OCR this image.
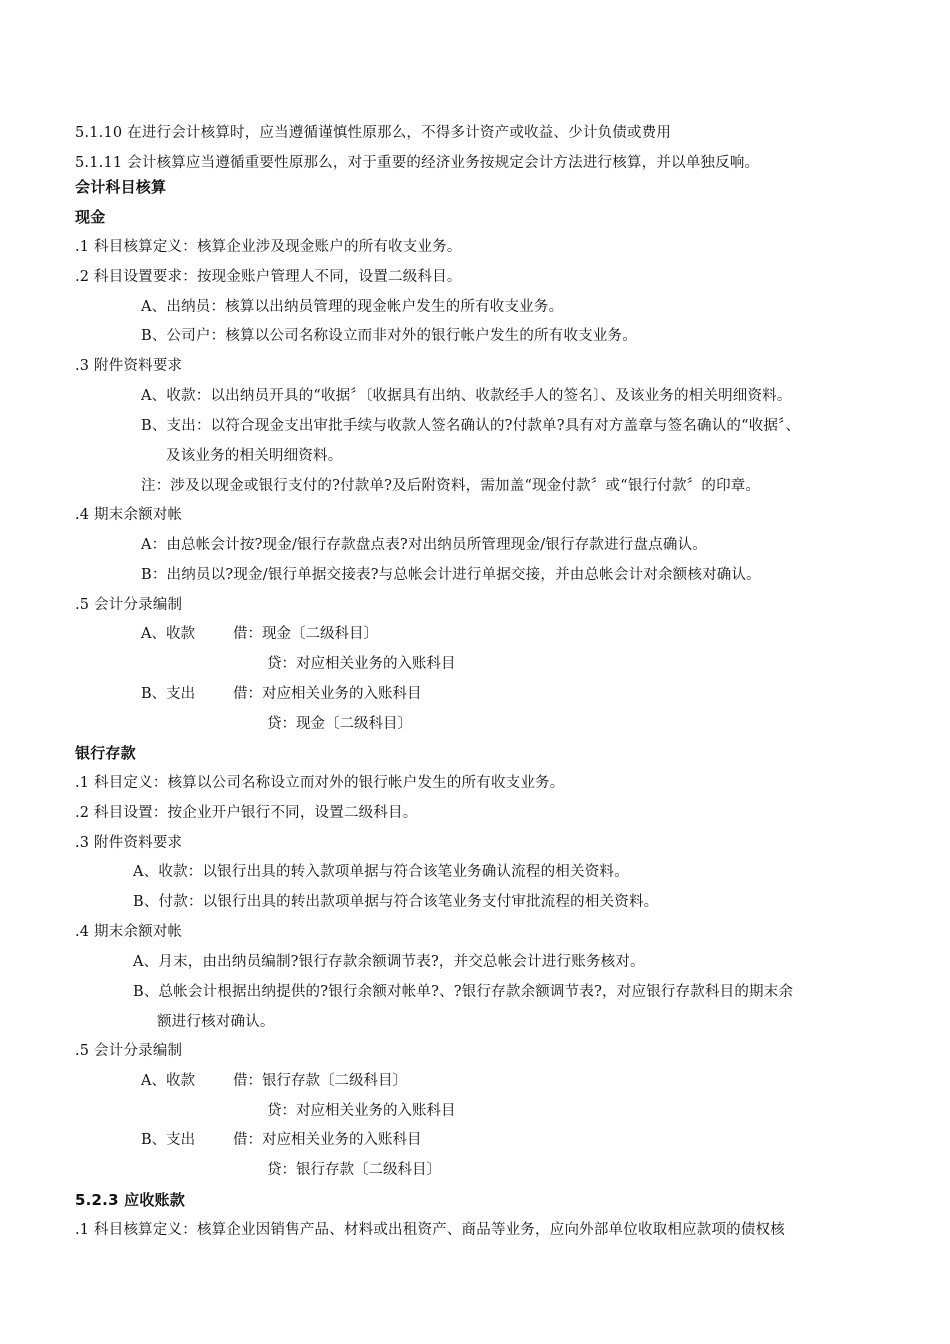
5.1.10 在进行会计核算时，应当遵循谨慎性原那么，不得多计资产或收益、少计负债或费用
5.1.11 会计核算应当遵循重要性原那么，对于重要的经济业务按规定会计方法进行核算，并以单独反响。
会计科目核算
现金
.1 科目核算定义：核算企业涉及现金账户的所有收支业务。
.2 科目设置要求：按现金账户管理人不同，设置二级科目。
A、出纳员：核算以出纳员管理的现金帐户发生的所有收支业务。
B、公司户：核算以公司名称设立而非对外的银行帐户发生的所有收支业务。
.3 附件资料要求
A、收款：以出纳员开具的“收据〞〔收据具有出纳、收款经手人的签名〕、及该业务的相关明细资料。
B、支出：以符合现金支出审批手续与收款人签名确认的?付款单?具有对方盖章与签名确认的“收据〞、
及该业务的相关明细资料。
注：涉及以现金或银行支付的?付款单?及后附资料，需加盖“现金付款〞或“银行付款〞的印章。
.4 期末余额对帐
A：由总帐会计按?现金/银行存款盘点表?对出纳员所管理现金/银行存款进行盘点确认。
B：出纳员以?现金/银行单据交接表?与总帐会计进行单据交接，并由总帐会计对余额核对确认。
.5 会计分录编制
A、收款	借：现金〔二级科目〕
贷：对应相关业务的入账科目
B、支出	借：对应相关业务的入账科目
贷：现金〔二级科目〕
银行存款
.1 科目定义：核算以公司名称设立而对外的银行帐户发生的所有收支业务。
.2 科目设置：按企业开户银行不同，设置二级科目。
.3 附件资料要求
A、收款：以银行出具的转入款项单据与符合该笔业务确认流程的相关资料。
B、付款：以银行出具的转出款项单据与符合该笔业务支付审批流程的相关资料。
.4 期末余额对帐
A、月末，由出纳员编制?银行存款余额调节表?，并交总帐会计进行账务核对。
B、总帐会计根据出纳提供的?银行余额对帐单?、?银行存款余额调节表?，对应银行存款科目的期末余
额进行核对确认。
.5 会计分录编制
A、收款	借：银行存款〔二级科目〕
贷：对应相关业务的入账科目
B、支出	借：对应相关业务的入账科目
贷：银行存款〔二级科目〕
5.2.3 应收账款
.1 科目核算定义：核算企业因销售产品、材料或出租资产、商品等业务，应向外部单位收取相应款项的债权核
